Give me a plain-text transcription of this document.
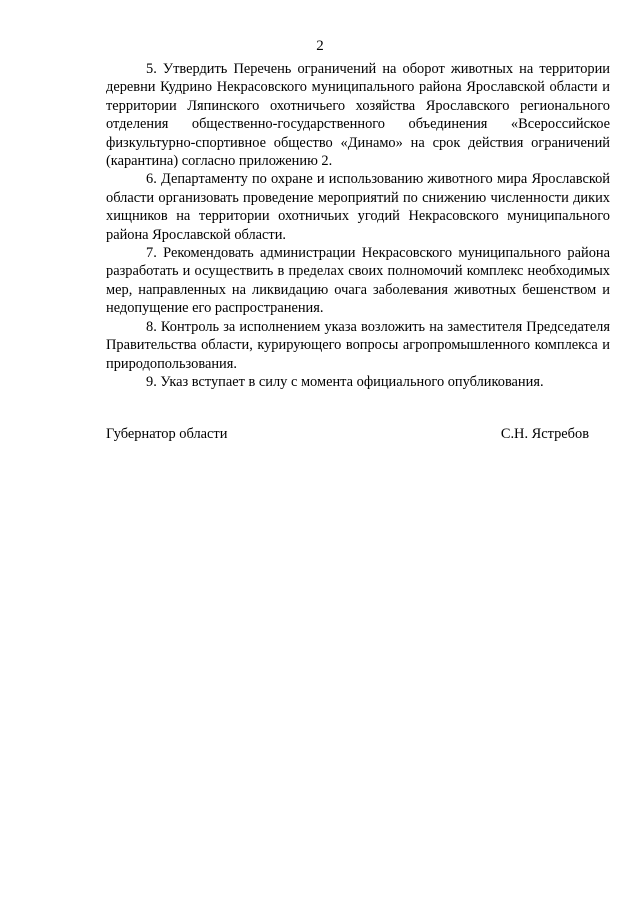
2

5. Утвердить Перечень ограничений на оборот животных на территории деревни Кудрино Некрасовского муниципального района Ярославской области и территории Ляпинского охотничьего хозяйства Ярославского регионального отделения общественно-государственного объединения «Всероссийское физкультурно-спортивное общество «Динамо» на срок действия ограничений (карантина) согласно приложению 2.

6. Департаменту по охране и использованию животного мира Ярославской области организовать проведение мероприятий по снижению численности диких хищников на территории охотничьих угодий Некрасовского муниципального района Ярославской области.

7. Рекомендовать администрации Некрасовского муниципального района разработать и осуществить в пределах своих полномочий комплекс необходимых мер, направленных на ликвидацию очага заболевания животных бешенством и недопущение его распространения.

8. Контроль за исполнением указа возложить на заместителя Председателя Правительства области, курирующего вопросы агропромышленного комплекса и природопользования.

9. Указ вступает в силу с момента официального опубликования.

Губернатор области	С.Н. Ястребов
